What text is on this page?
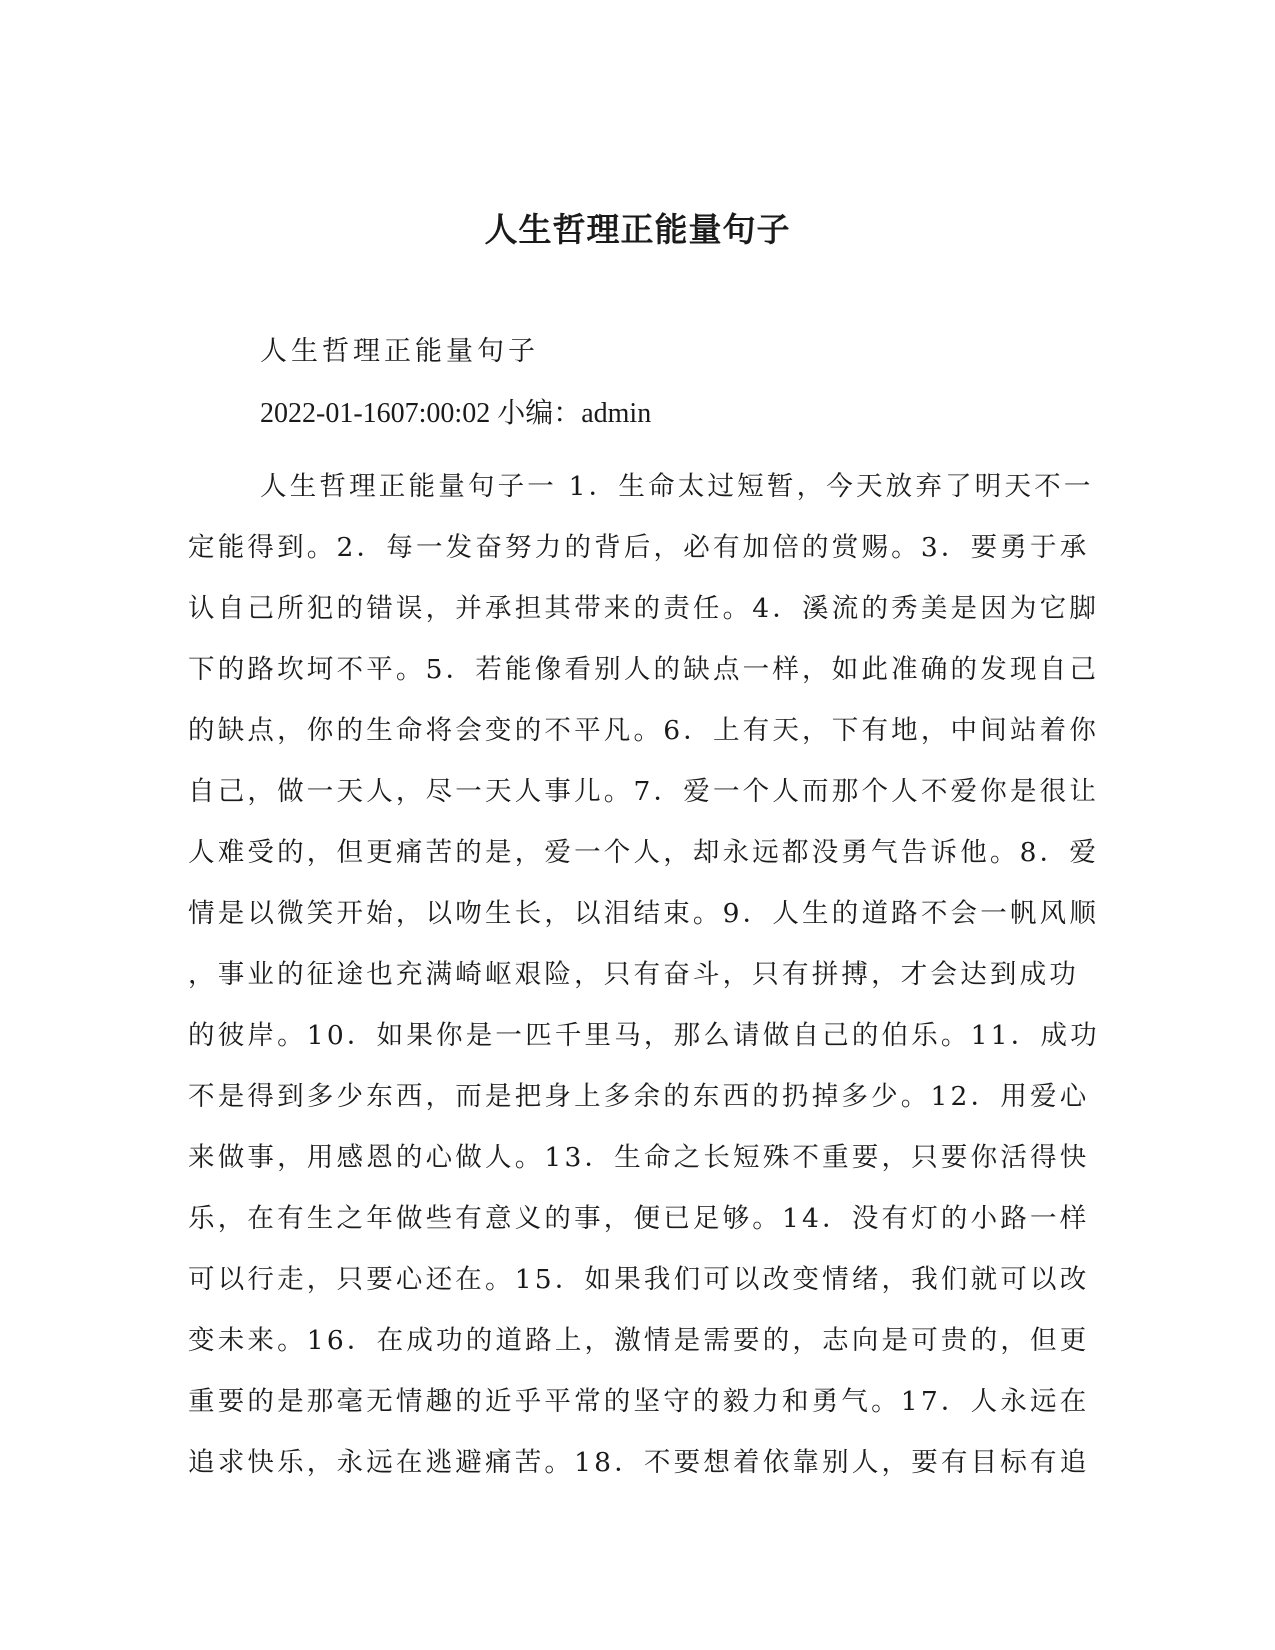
人生哲理正能量句子

人生哲理正能量句子

2022-01-1607:00:02 小编：admin

人生哲理正能量句子一 1．生命太过短暂，今天放弃了明天不一
定能得到。2．每一发奋努力的背后，必有加倍的赏赐。3．要勇于承
认自己所犯的错误，并承担其带来的责任。4．溪流的秀美是因为它脚
下的路坎坷不平。5．若能像看别人的缺点一样，如此准确的发现自己
的缺点，你的生命将会变的不平凡。6．上有天，下有地，中间站着你
自己，做一天人，尽一天人事儿。7．爱一个人而那个人不爱你是很让
人难受的，但更痛苦的是，爱一个人，却永远都没勇气告诉他。8．爱
情是以微笑开始，以吻生长，以泪结束。9．人生的道路不会一帆风顺
，事业的征途也充满崎岖艰险，只有奋斗，只有拼搏，才会达到成功
的彼岸。10．如果你是一匹千里马，那么请做自己的伯乐。11．成功
不是得到多少东西，而是把身上多余的东西的扔掉多少。12．用爱心
来做事，用感恩的心做人。13．生命之长短殊不重要，只要你活得快
乐，在有生之年做些有意义的事，便已足够。14．没有灯的小路一样
可以行走，只要心还在。15．如果我们可以改变情绪，我们就可以改
变未来。16．在成功的道路上，激情是需要的，志向是可贵的，但更
重要的是那毫无情趣的近乎平常的坚守的毅力和勇气。17．人永远在
追求快乐，永远在逃避痛苦。18．不要想着依靠别人，要有目标有追
